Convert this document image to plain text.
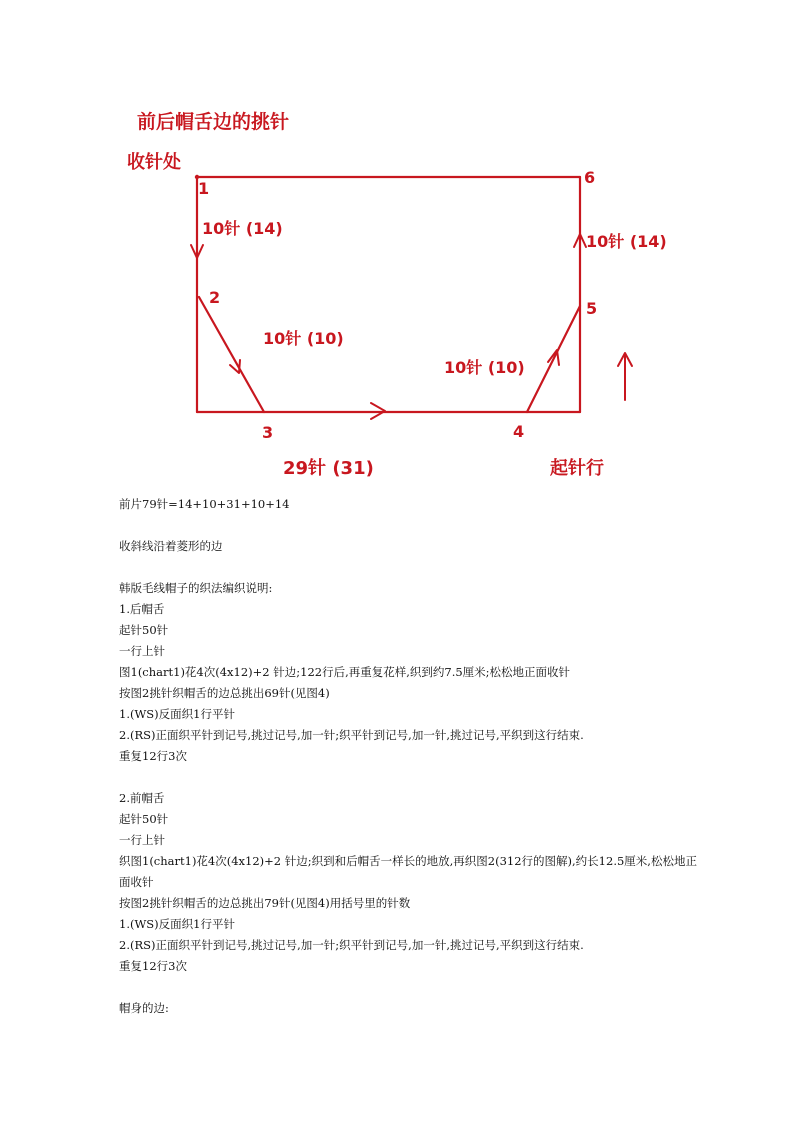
前后帽舌边的挑针
收针处
1
2
3	4
5
6
10针 (14)
10针 (10)
10针 (10)
10针 (14)
29针 (31)	起针行
前片79针=14+10+31+10+14
收斜线沿着菱形的边
韩版毛线帽子的织法编织说明:
1.后帽舌
起针50针
一行上针
图1(chart1)花4次(4x12)+2 针边;122行后,再重复花样,织到约7.5厘米;松松地正面收针
按图2挑针织帽舌的边总挑出69针(见图4)
1.(WS)反面织1行平针
2.(RS)正面织平针到记号,挑过记号,加一针;织平针到记号,加一针,挑过记号,平织到这行结束.
重复12行3次
2.前帽舌
起针50针
一行上针
织图1(chart1)花4次(4x12)+2 针边;织到和后帽舌一样长的地放,再织图2(312行的图解),约长12.5厘米,松松地正面收针
按图2挑针织帽舌的边总挑出79针(见图4)用括号里的针数
1.(WS)反面织1行平针
2.(RS)正面织平针到记号,挑过记号,加一针;织平针到记号,加一针,挑过记号,平织到这行结束.
重复12行3次
帽身的边:
